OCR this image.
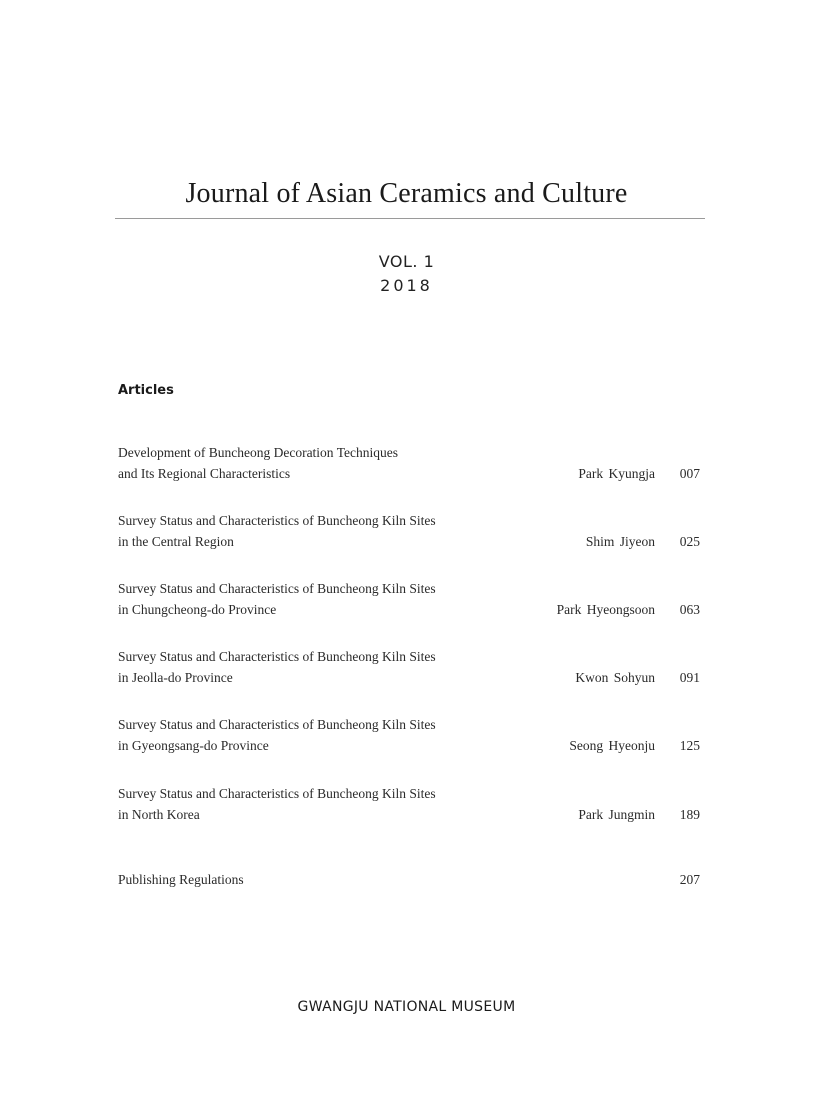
Journal of Asian Ceramics and Culture
VOL. 1
2018
Articles
Development of Buncheong Decoration Techniques
and Its Regional Characteristics	Park Kyungja 007
Survey Status and Characteristics of Buncheong Kiln Sites
in the Central Region	Shim Jiyeon 025
Survey Status and Characteristics of Buncheong Kiln Sites
in Chungcheong-do Province	Park Hyeongsoon 063
Survey Status and Characteristics of Buncheong Kiln Sites
in Jeolla-do Province	Kwon Sohyun 091
Survey Status and Characteristics of Buncheong Kiln Sites
in Gyeongsang-do Province	Seong Hyeonju 125
Survey Status and Characteristics of Buncheong Kiln Sites
in North Korea	Park Jungmin 189
Publishing Regulations	207
GWANGJU NATIONAL MUSEUM
